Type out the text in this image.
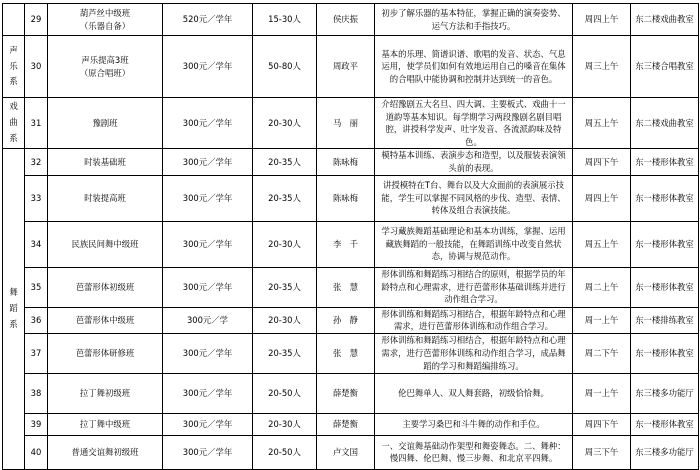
	29	葫芦丝中级班
（乐器自备）	520元／学年	15-30人	侯庆振	初步了解乐器的基本特征，掌握正确的演奏姿势、运气方法和手指技巧。	周四上午	东二楼戏曲教室

声
乐
系	30	声乐提高3班
（原合唱班）	300元／学年	50-80人	周政平	基本的乐理、简谱识谱、歌唱的发音、状态、气息运用，使学员们如何有效地运用自己的嗓音在集体的合唱队中能协调和控制并达到统一的音色。	周三上午	东三楼合唱教室

戏
曲
系	31	豫剧班	300元／学年	20-30人	马　丽	介绍豫剧五大名旦、四大调、主要板式、戏曲十一道韵等基本知识。每学期学习两段豫剧名剧目唱腔，讲授科学发声、吐字发音、各流派韵味及特色。	周五上午	东二楼戏曲教室

舞
蹈
系	32	时装基础班	300元／学年	20-35人	陈咏梅	模特基本训练、表演步态和造型，以及服装表演领头前的表现。	周四下午	东一楼形体教室
	33	时装提高班	300元／学年	20-35人	陈咏梅	讲授模特在T台、舞台以及大众面前的表演展示技能，学生可以掌握不同风格的步伐、造型、表情、转体及组合表演技能。	周四上午	东一楼形体教室
	34	民族民间舞中级班	300元／学年	20-30人	李　千	学习藏族舞蹈基础理论和基本功训练，掌握、运用藏族舞蹈的一般技能，在舞蹈训练中改变自然状态，协调与规范动作。	周五上午	东一楼形体教室
	35	芭蕾形体初级班	300元／学年	20-35人	张　慧	形体训练和舞蹈练习相结合的原则，根据学员的年龄特点和心理需求，进行芭蕾形体基础训练并进行动作组合学习。	周二上午	东一楼形体教室
	36	芭蕾形体中级班	300元／学	20-30人	孙　静	形体训练和舞蹈练习相结合，根据年龄特点和心理需求，进行芭蕾形体训练和动作组合学习。	周一上午	东一楼排练教室
	37	芭蕾形体研修班	300元／学年	20-35人	张　慧	形体训练和舞蹈练习相结合，根据年龄特点和心理需求，进行芭蕾形体训练和动作组合学习，成品舞蹈的学习和舞蹈编排练习。	周二下午	东一楼形体教室
	38	拉丁舞初级班	300元／学年	20-50人	薛楚衡	伦巴舞单人、双人舞套路，初级恰恰舞。	周一上午	东三楼多功能厅
	39	拉丁舞中级班	300元／学年	20-30人	薛楚衡	主要学习桑巴和斗牛舞的动作和手位。	周四下午	东一楼形体教室
	40	普通交谊舞初级班	300元／学年	20-50人	卢文国	一、交谊舞基础动作架型和舞姿舞态。二、舞种：慢四舞、伦巴舞、慢三步舞、和北京平四舞。	周三下午	东三楼多功能厅
